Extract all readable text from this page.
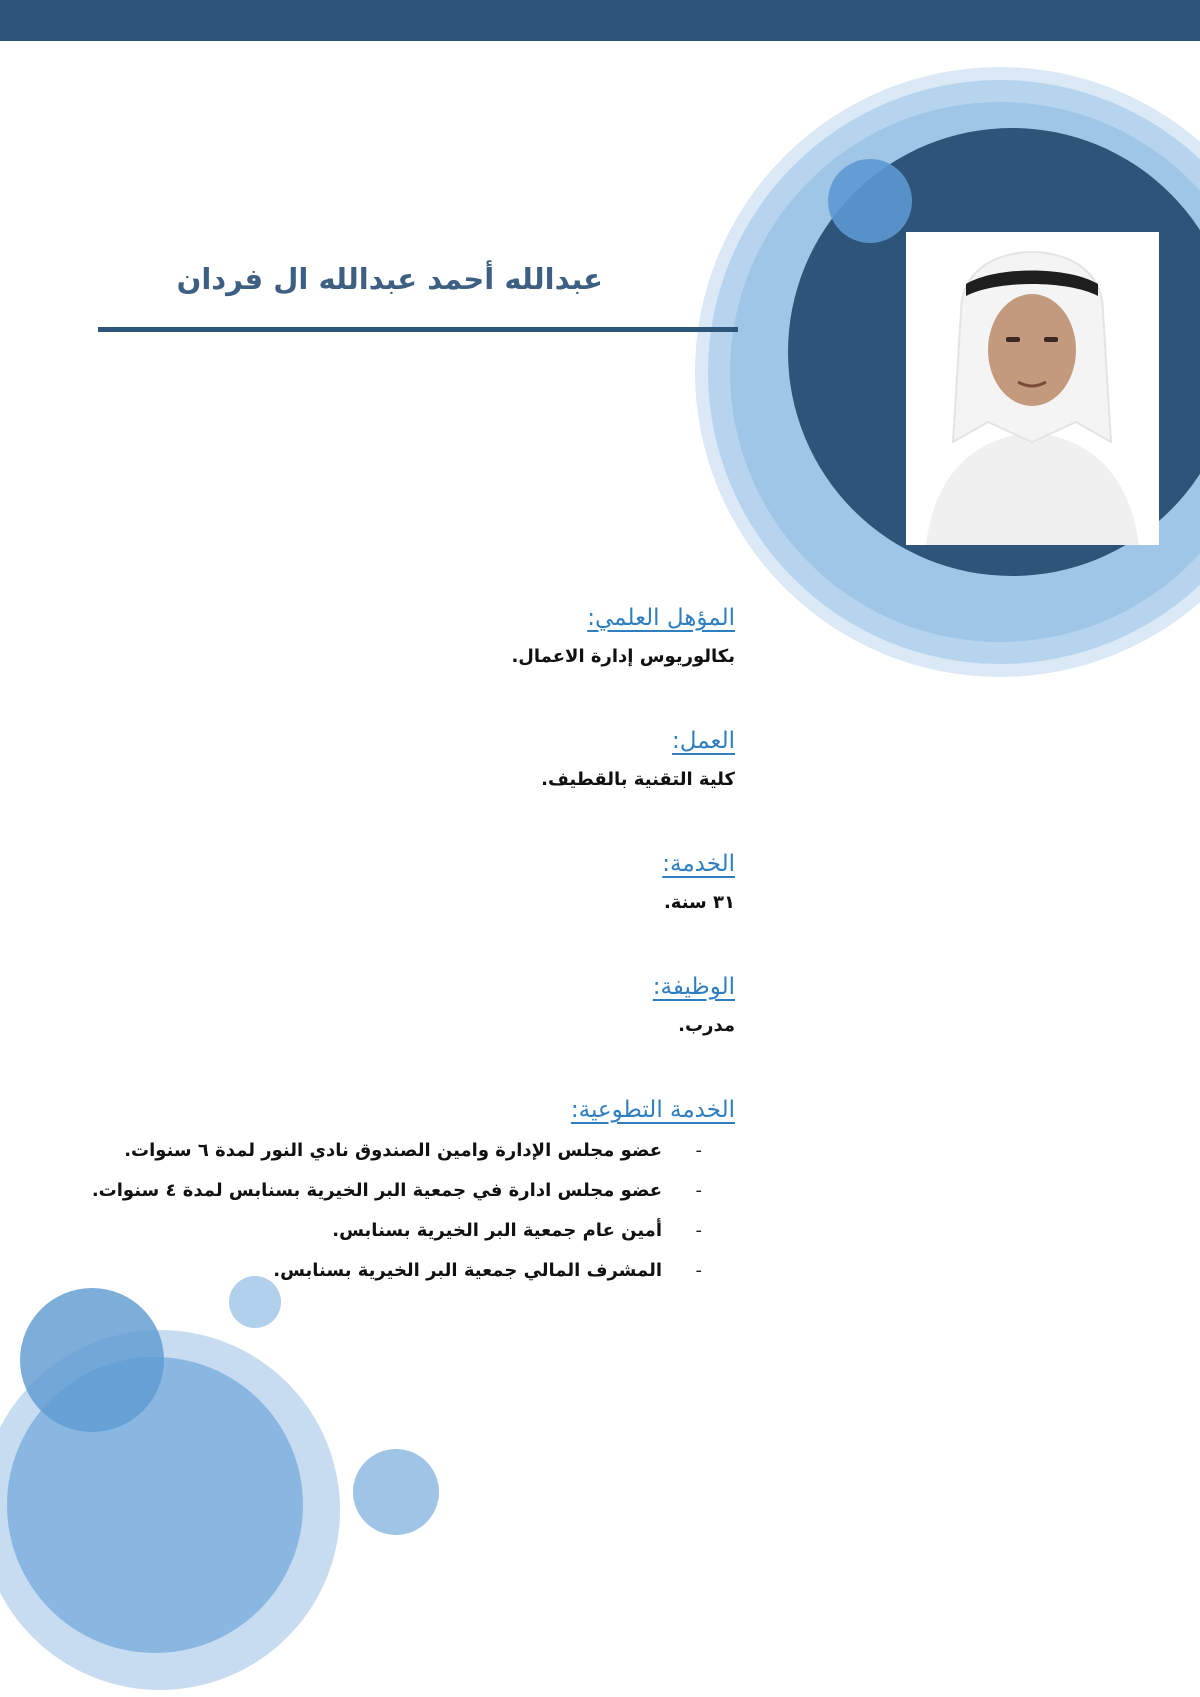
عبدالله أحمد عبدالله ال فردان
المؤهل العلمي:
بكالوريوس إدارة الاعمال.
العمل:
كلية التقنية بالقطيف.
الخدمة:
٣١ سنة.
الوظيفة:
مدرب.
الخدمة التطوعية:
-
عضو مجلس الإدارة وامين الصندوق نادي النور لمدة ٦ سنوات.
-
عضو مجلس ادارة في جمعية البر الخيرية بسنابس لمدة ٤ سنوات.
-
أمين عام جمعية البر الخيرية بسنابس.
-
المشرف المالي جمعية البر الخيرية بسنابس.
